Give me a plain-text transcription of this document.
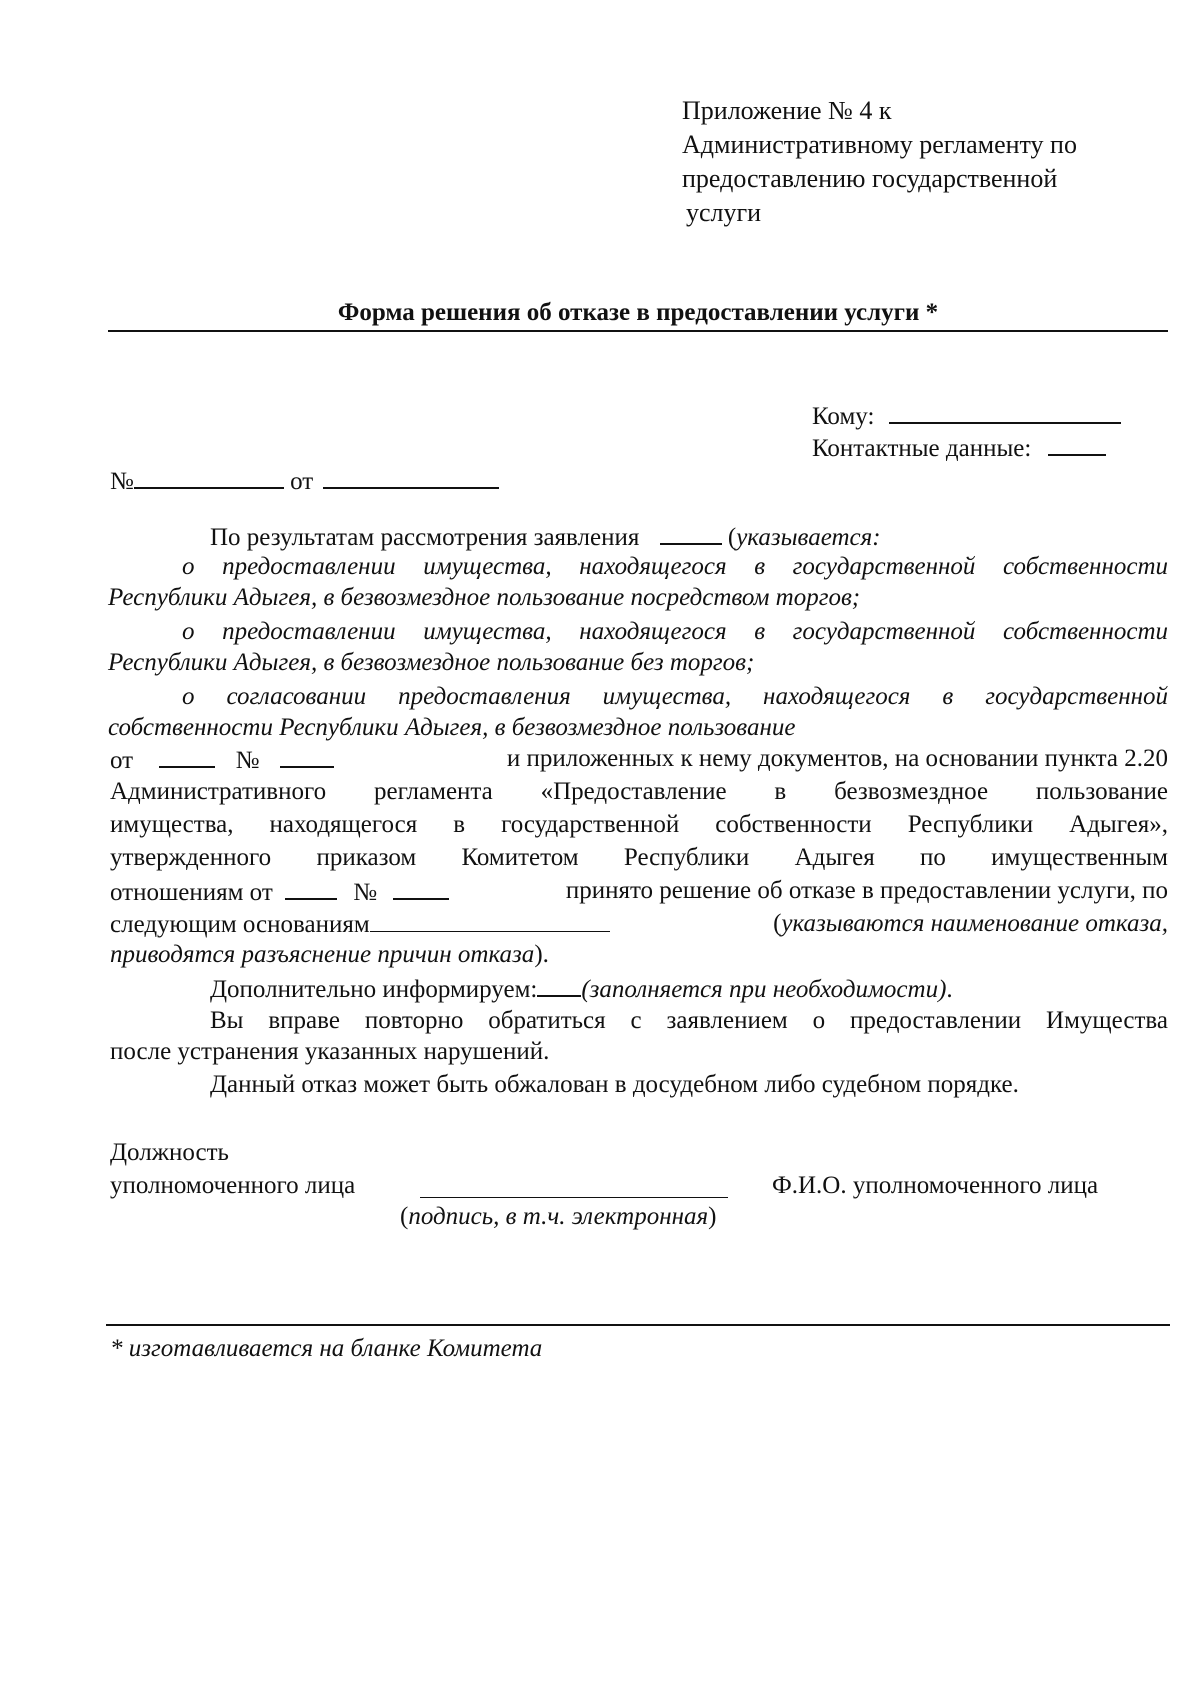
Приложение № 4 к
Административному регламенту по
предоставлению государственной
услуги
Форма решения об отказе в предоставлении услуги *
Кому:
Контактные данные:
№	от
По результатам рассмотрения заявления	(указывается:
о предоставлении имущества, находящегося в государственной собственности
Республики Адыгея, в безвозмездное пользование посредством торгов;
о предоставлении имущества, находящегося в государственной собственности
Республики Адыгея, в безвозмездное пользование без торгов;
о согласовании предоставления имущества, находящегося в государственной
собственности Республики Адыгея, в безвозмездное пользование
от	№	и приложенных к нему документов, на основании пункта 2.20
Административного регламента «Предоставление в безвозмездное пользование
имущества, находящегося в государственной собственности Республики Адыгея»,
утвержденного приказом Комитетом Республики Адыгея по имущественным
отношениям от	№	принято решение об отказе в предоставлении услуги, по
следующим основаниям	(указываются наименование отказа,
приводятся разъяснение причин отказа).
Дополнительно информируем: (заполняется при необходимости).
Вы вправе повторно обратиться с заявлением о предоставлении Имущества
после устранения указанных нарушений.
Данный отказ может быть обжалован в досудебном либо судебном порядке.
Должность
уполномоченного лица	Ф.И.О. уполномоченного лица
(подпись, в т.ч. электронная)
* изготавливается на бланке Комитета
